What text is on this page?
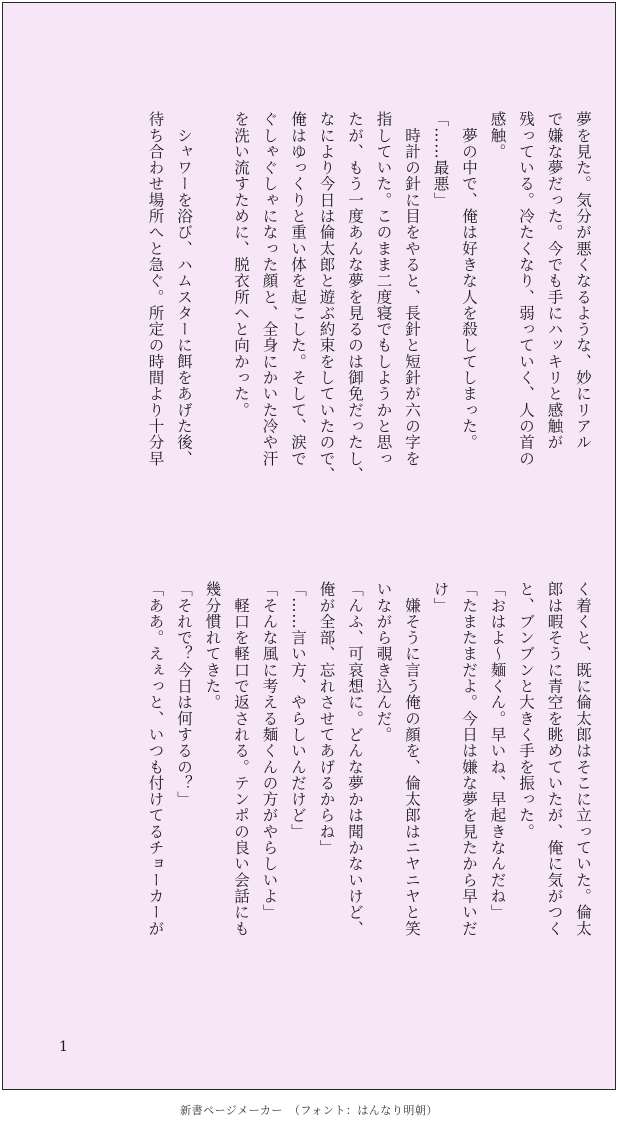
夢を見た。気分が悪くなるような、妙にリアル
で嫌な夢だった。今でも手にハッキリと感触が
残っている。冷たくなり、弱っていく、人の首の
感触。
　夢の中で、俺は好きな人を殺してしまった。
「……最悪」
　時計の針に目をやると、長針と短針が六の字を
指していた。このまま二度寝でもしようかと思っ
たが、もう一度あんな夢を見るのは御免だったし、
なにより今日は倫太郎と遊ぶ約束をしていたので、
俺はゆっくりと重い体を起こした。そして、涙で
ぐしゃぐしゃになった顔と、全身にかいた冷や汗
を洗い流すために、脱衣所へと向かった。
　シャワーを浴び、ハムスターに餌をあげた後、
待ち合わせ場所へと急ぐ。所定の時間より十分早
く着くと、既に倫太郎はそこに立っていた。倫太
郎は暇そうに青空を眺めていたが、俺に気がつく
と、ブンブンと大きく手を振った。
「おはよ〜麺くん。早いね、早起きなんだね」
「たまたまだよ。今日は嫌な夢を見たから早いだ
け」
　嫌そうに言う俺の顔を、倫太郎はニヤニヤと笑
いながら覗き込んだ。
「んふ、可哀想に。どんな夢かは聞かないけど、
俺が全部、忘れさせてあげるからね」
「……言い方、やらしいんだけど」
「そんな風に考える麺くんの方がやらしいよ」
　軽口を軽口で返される。テンポの良い会話にも
幾分慣れてきた。
「それで？今日は何するの？」
「ああ。えぇっと、いつも付けてるチョーカーが
1
新書ページメーカー　（フォント：はんなり明朝）
